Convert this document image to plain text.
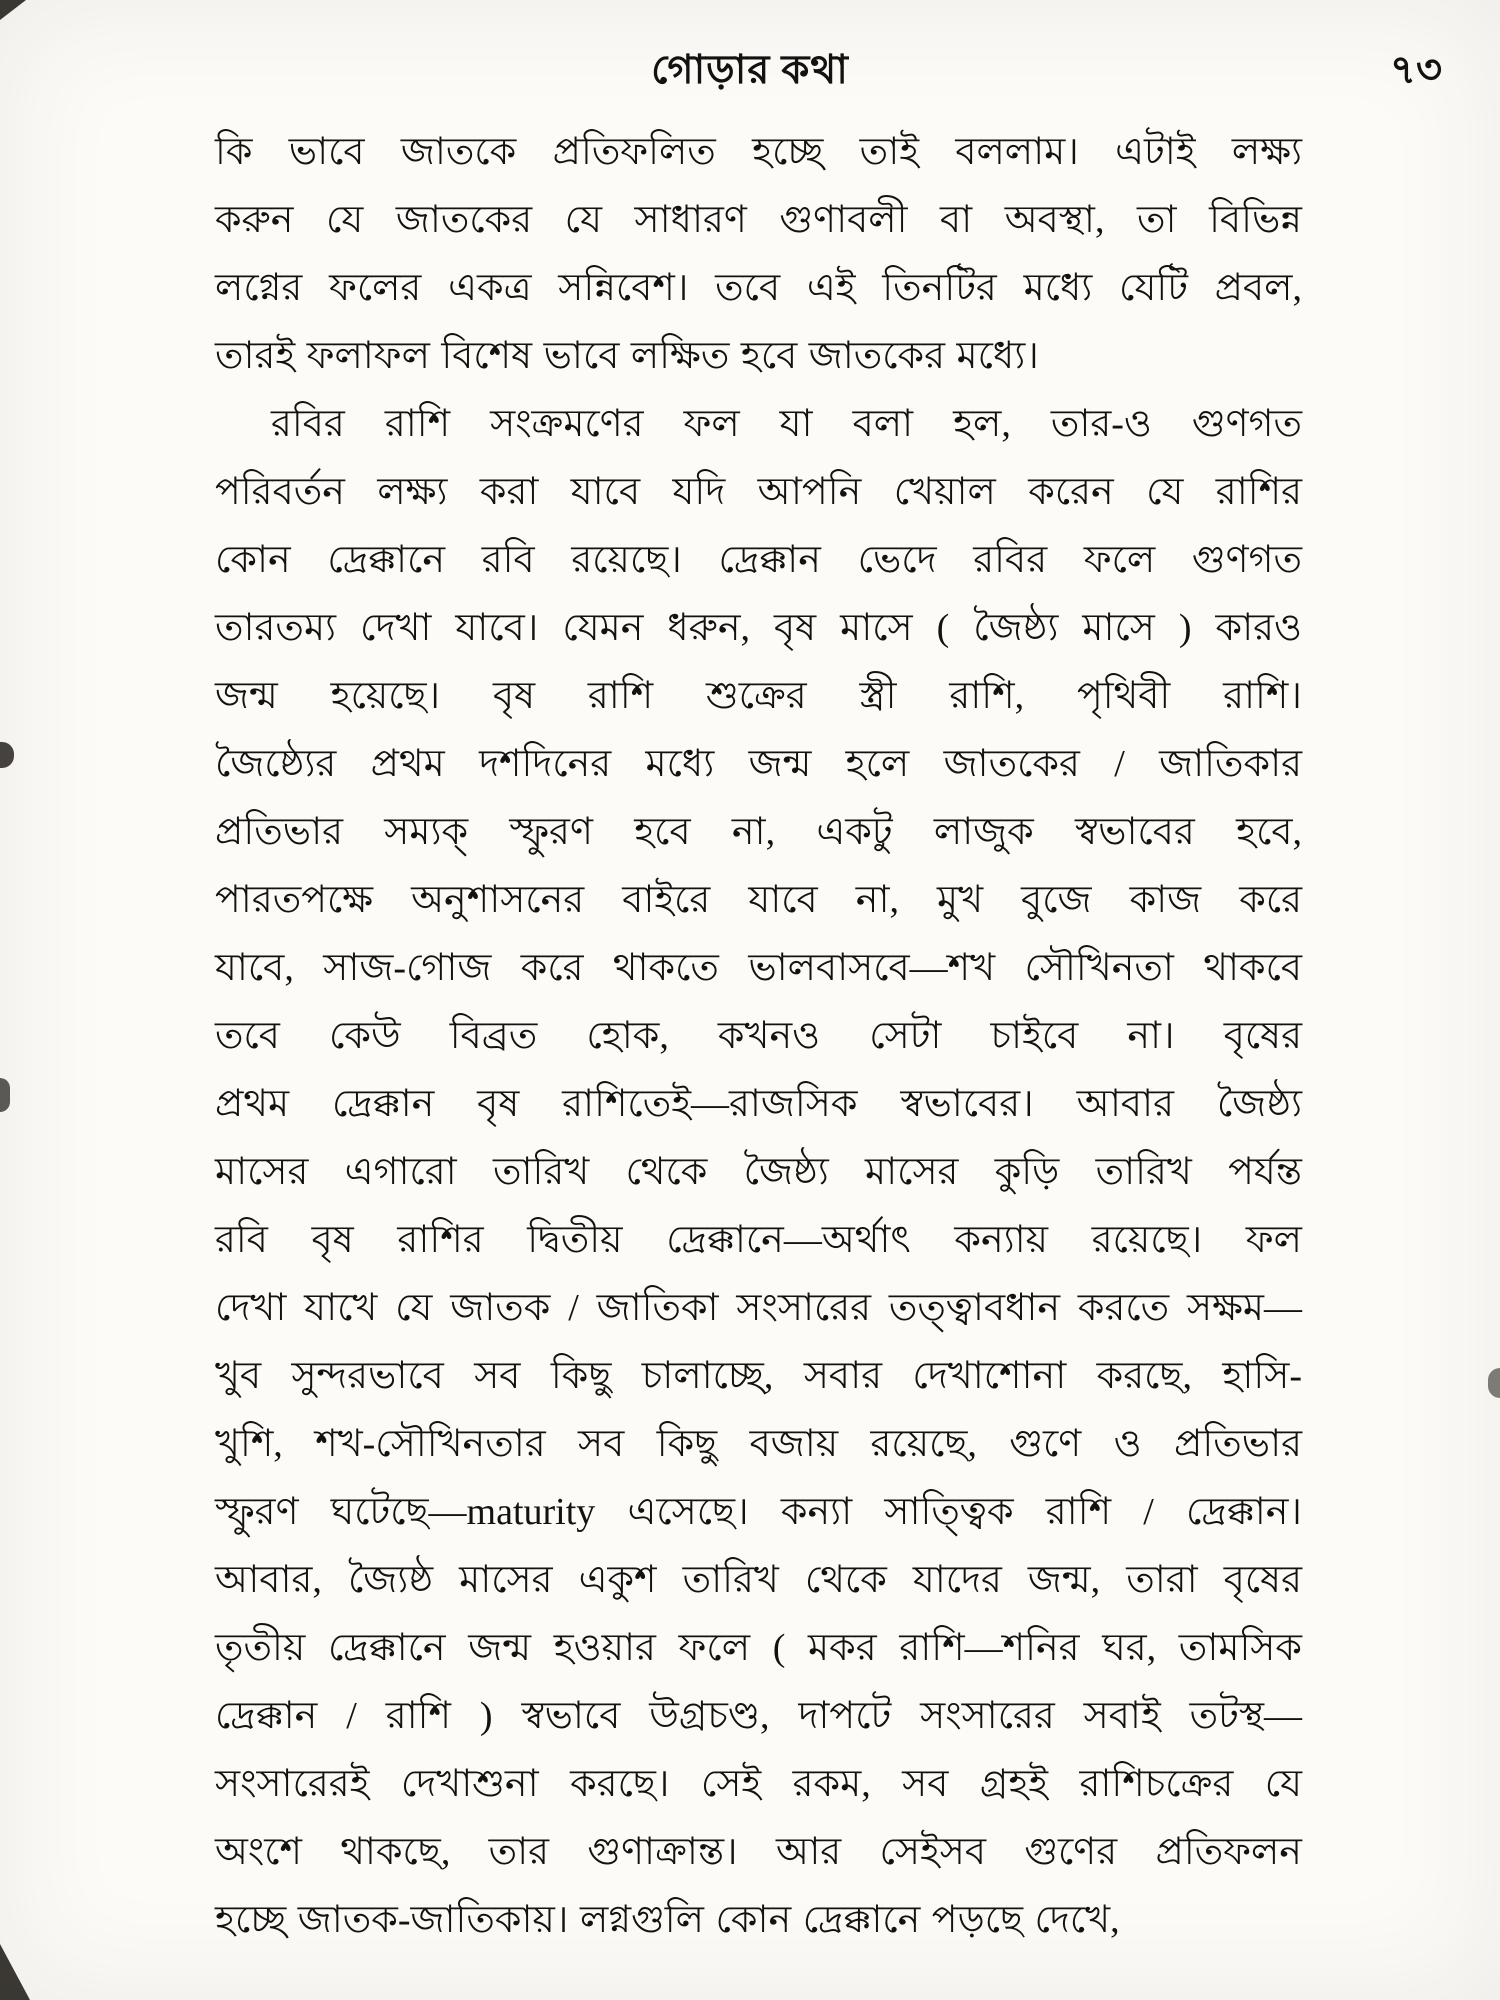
গোড়ার কথা	৭৩
কি ভাবে জাতকে প্রতিফলিত হচ্ছে তাই বললাম। এটাই লক্ষ্য
করুন যে জাতকের যে সাধারণ গুণাবলী বা অবস্থা, তা বিভিন্ন
লগ্নের ফলের একত্র সন্নিবেশ। তবে এই তিনটির মধ্যে যেটি প্রবল,
তারই ফলাফল বিশেষ ভাবে লক্ষিত হবে জাতকের মধ্যে।
রবির রাশি সংক্রমণের ফল যা বলা হল, তার-ও গুণগত
পরিবর্তন লক্ষ্য করা যাবে যদি আপনি খেয়াল করেন যে রাশির
কোন দ্রেক্কানে রবি রয়েছে। দ্রেক্কান ভেদে রবির ফলে গুণগত
তারতম্য দেখা যাবে। যেমন ধরুন, বৃষ মাসে ( জৈষ্ঠ্য মাসে ) কারও
জন্ম হয়েছে। বৃষ রাশি শুক্রের স্ত্রী রাশি, পৃথিবী রাশি।
জৈষ্ঠ্যের প্রথম দশদিনের মধ্যে জন্ম হলে জাতকের / জাতিকার
প্রতিভার সম্যক্‌ স্ফুরণ হবে না, একটু লাজুক স্বভাবের হবে,
পারতপক্ষে অনুশাসনের বাইরে যাবে না, মুখ বুজে কাজ করে
যাবে, সাজ-গোজ করে থাকতে ভালবাসবে—শখ সৌখিনতা থাকবে
তবে কেউ বিব্রত হোক, কখনও সেটা চাইবে না। বৃষের
প্রথম দ্রেক্কান বৃষ রাশিতেই—রাজসিক স্বভাবের। আবার জৈষ্ঠ্য
মাসের এগারো তারিখ থেকে জৈষ্ঠ্য মাসের কুড়ি তারিখ পর্যন্ত
রবি বৃষ রাশির দ্বিতীয় দ্রেক্কানে—অর্থাৎ কন্যায় রয়েছে। ফল
দেখা যাখে যে জাতক / জাতিকা সংসারের তত্ত্বাবধান করতে সক্ষম—
খুব সুন্দরভাবে সব কিছু চালাচ্ছে, সবার দেখাশোনা করছে, হাসি-
খুশি, শখ-সৌখিনতার সব কিছু বজায় রয়েছে, গুণে ও প্রতিভার
স্ফুরণ ঘটেছে—maturity এসেছে। কন্যা সাত্ত্বিক রাশি / দ্রেক্কান।
আবার, জ্যৈষ্ঠ মাসের একুশ তারিখ থেকে যাদের জন্ম, তারা বৃষের
তৃতীয় দ্রেক্কানে জন্ম হওয়ার ফলে ( মকর রাশি—শনির ঘর, তামসিক
দ্রেক্কান / রাশি ) স্বভাবে উগ্রচণ্ড, দাপটে সংসারের সবাই তটস্থ—
সংসারেরই দেখাশুনা করছে। সেই রকম, সব গ্রহই রাশিচক্রের যে
অংশে থাকছে, তার গুণাক্রান্ত। আর সেইসব গুণের প্রতিফলন
হচ্ছে জাতক-জাতিকায়। লগ্নগুলি কোন দ্রেক্কানে পড়ছে দেখে,
